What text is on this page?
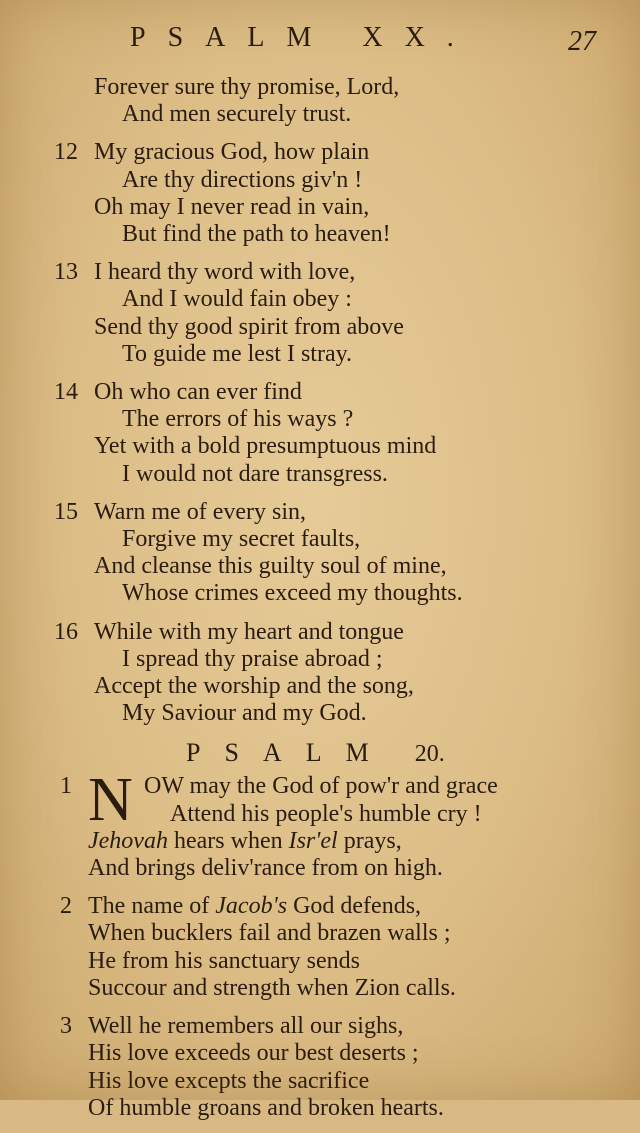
PSALM XX.	27
Forever sure thy promise, Lord,
And men securely trust.
12 My gracious God, how plain
Are thy directions giv'n !
Oh may I never read in vain,
But find the path to heaven!
13 I heard thy word with love,
And I would fain obey :
Send thy good spirit from above
To guide me lest I stray.
14 Oh who can ever find
The errors of his ways ?
Yet with a bold presumptuous mind
I would not dare transgress.
15 Warn me of every sin,
Forgive my secret faults,
And cleanse this guilty soul of mine,
Whose crimes exceed my thoughts.
16 While with my heart and tongue
I spread thy praise abroad ;
Accept the worship and the song,
My Saviour and my God.
PSALM 20.
1 N OW may the God of pow'r and grace
Attend his people's humble cry !
Jehovah hears when Isr'el prays,
And brings deliv'rance from on high.
2 The name of Jacob's God defends,
When bucklers fail and brazen walls ;
He from his sanctuary sends
Succour and strength when Zion calls.
3 Well he remembers all our sighs,
His love exceeds our best deserts ;
His love excepts the sacrifice
Of humble groans and broken hearts.
